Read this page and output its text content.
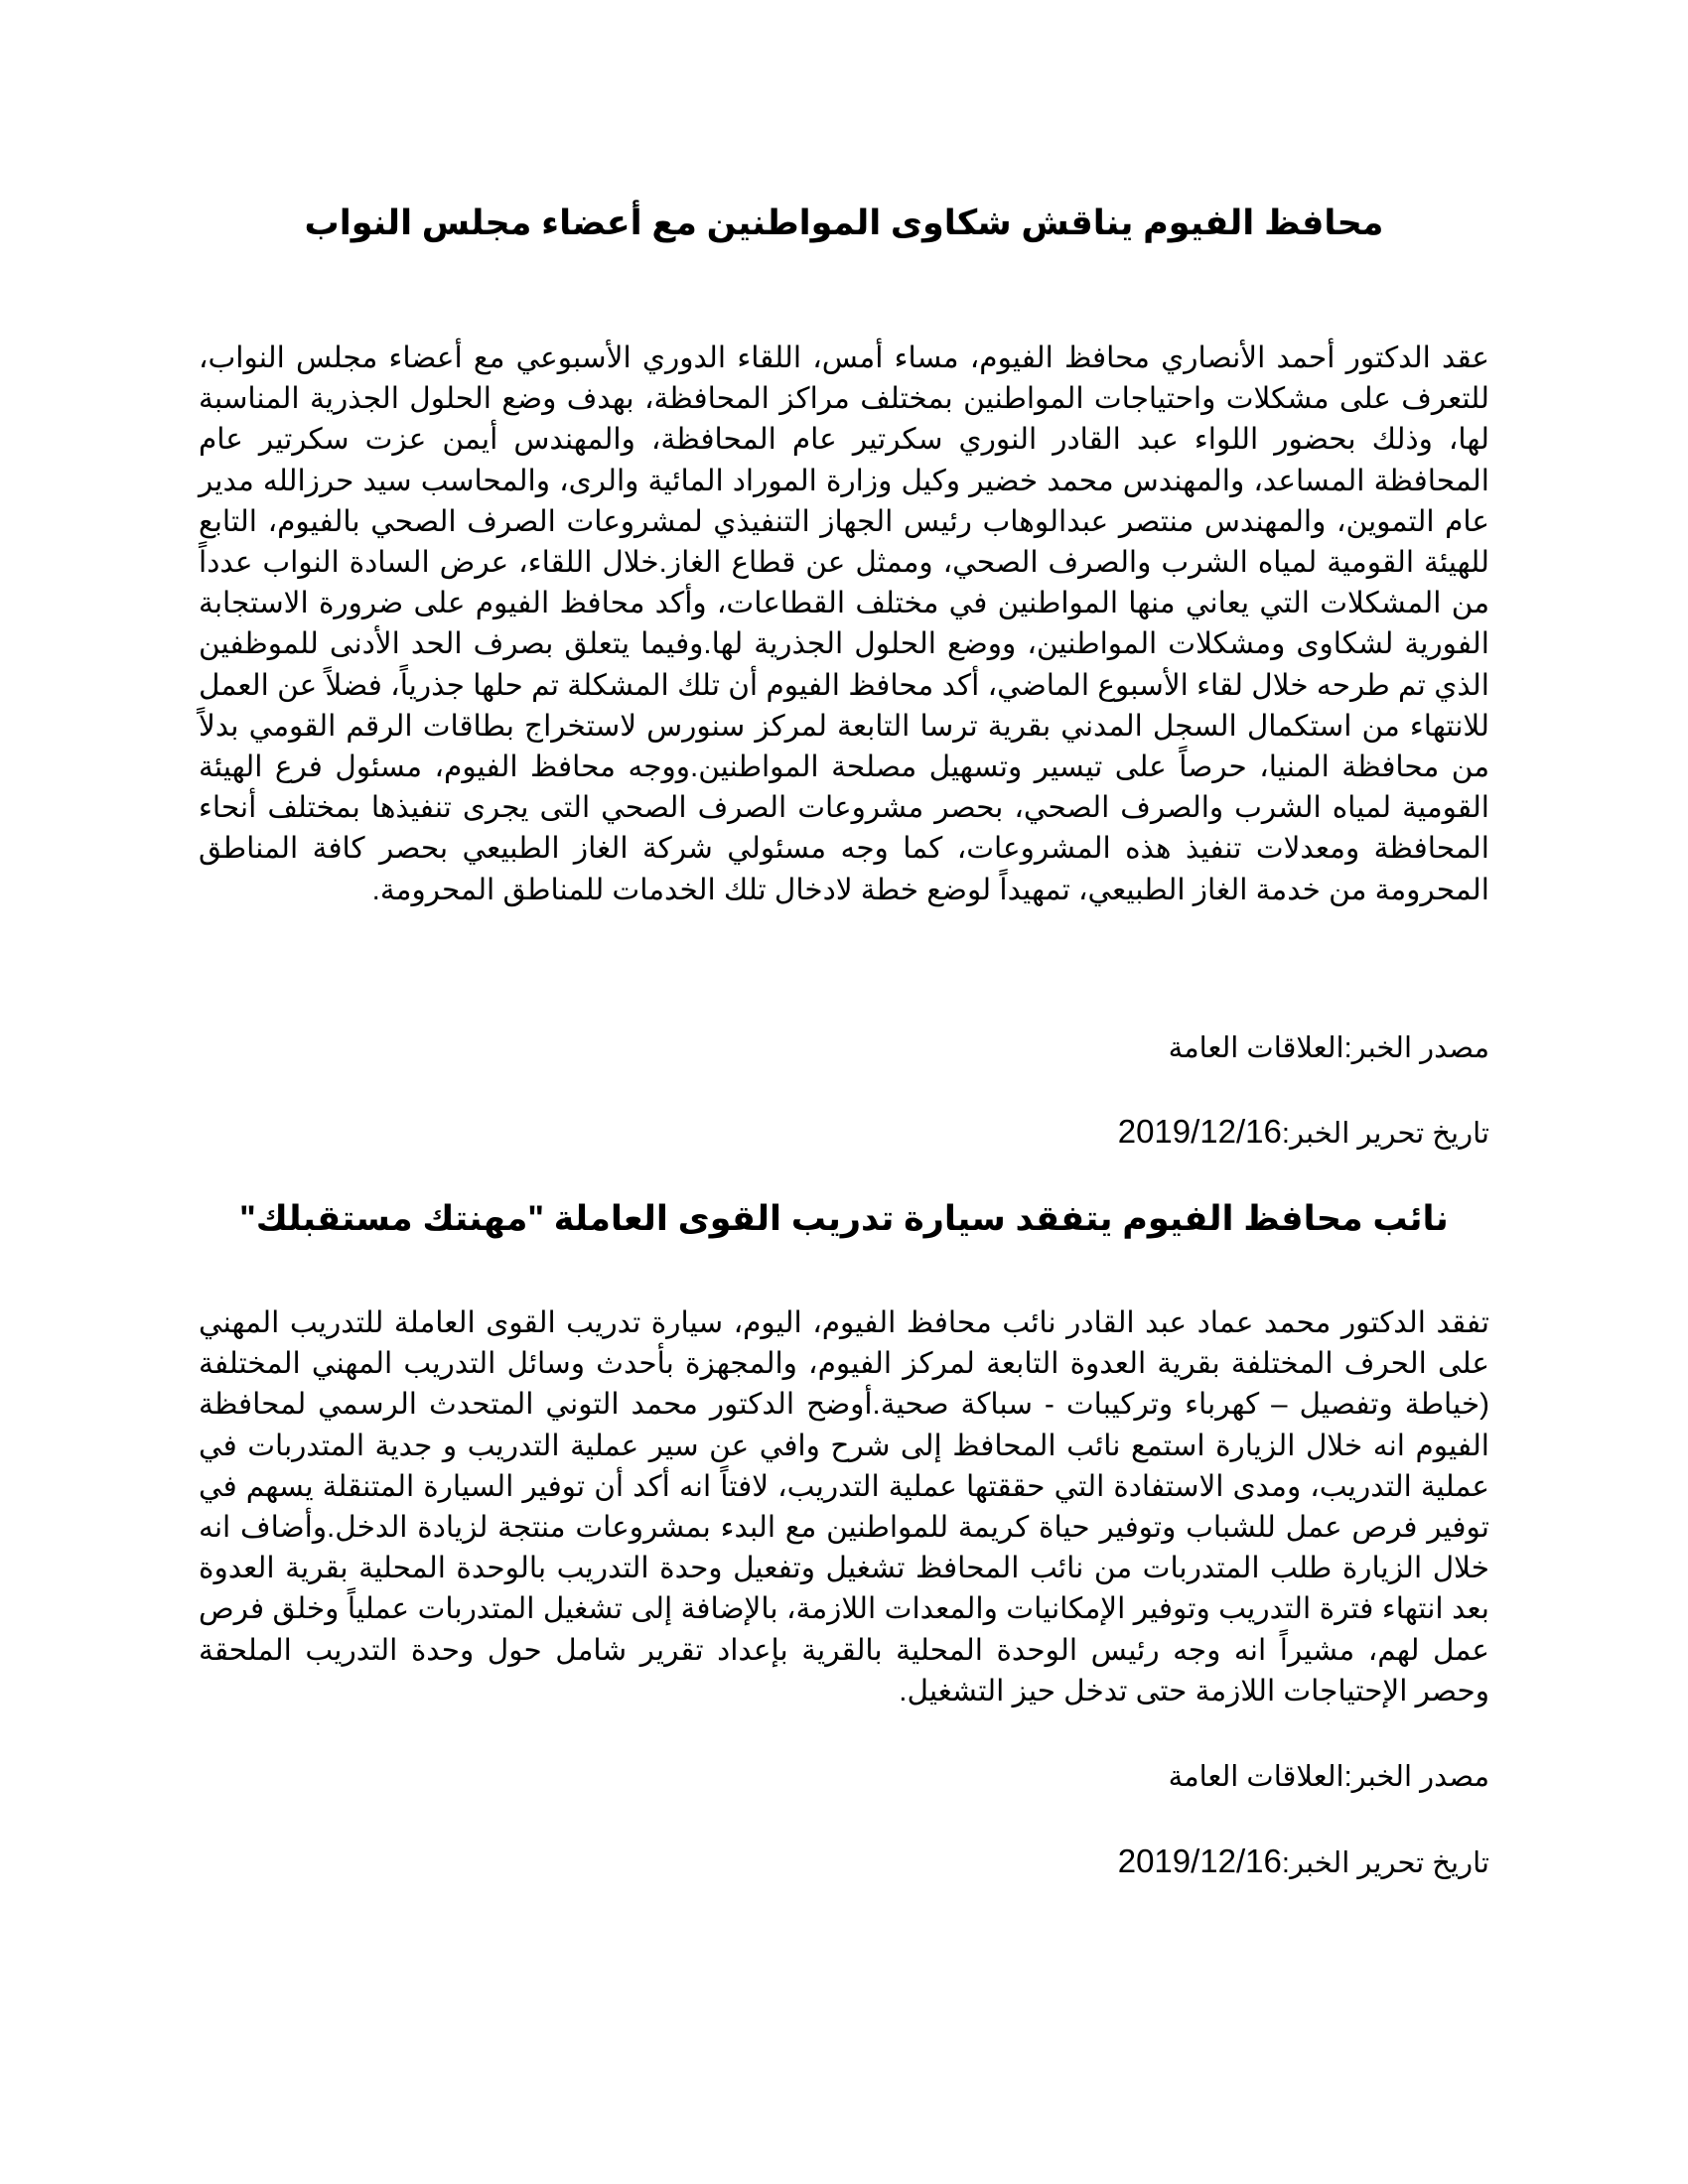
محافظ الفيوم يناقش شكاوى المواطنين مع أعضاء مجلس النواب

عقد الدكتور أحمد الأنصاري محافظ الفيوم، مساء أمس، اللقاء الدوري الأسبوعي مع أعضاء مجلس النواب، للتعرف على مشكلات واحتياجات المواطنين بمختلف مراكز المحافظة، بهدف وضع الحلول الجذرية المناسبة لها، وذلك بحضور اللواء عبد القادر النوري سكرتير عام المحافظة، والمهندس أيمن عزت سكرتير عام المحافظة المساعد، والمهندس محمد خضير وكيل وزارة الموراد المائية والرى، والمحاسب سيد حرزالله مدير عام التموين، والمهندس منتصر عبدالوهاب رئيس الجهاز التنفيذي لمشروعات الصرف الصحي بالفيوم، التابع للهيئة القومية لمياه الشرب والصرف الصحي، وممثل عن قطاع الغاز.خلال اللقاء، عرض السادة النواب عدداً من المشكلات التي يعاني منها المواطنين في مختلف القطاعات، وأكد محافظ الفيوم على ضرورة الاستجابة الفورية لشكاوى ومشكلات المواطنين، ووضع الحلول الجذرية لها.وفيما يتعلق بصرف الحد الأدنى للموظفين الذي تم طرحه خلال لقاء الأسبوع الماضي، أكد محافظ الفيوم أن تلك المشكلة تم حلها جذرياً، فضلاً عن العمل للانتهاء من استكمال السجل المدني بقرية ترسا التابعة لمركز سنورس لاستخراج بطاقات الرقم القومي بدلاً من محافظة المنيا، حرصاً على تيسير وتسهيل مصلحة المواطنين.ووجه محافظ الفيوم، مسئول فرع الهيئة القومية لمياه الشرب والصرف الصحي، بحصر مشروعات الصرف الصحي التى يجرى تنفيذها بمختلف أنحاء المحافظة ومعدلات تنفيذ هذه المشروعات، كما وجه مسئولي شركة الغاز الطبيعي بحصر كافة المناطق المحرومة من خدمة الغاز الطبيعي، تمهيداً لوضع خطة لادخال تلك الخدمات للمناطق المحرومة.

مصدر الخبر:العلاقات العامة

تاريخ تحرير الخبر:2019/12/16

نائب محافظ الفيوم يتفقد سيارة تدريب القوى العاملة "مهنتك مستقبلك"

تفقد الدكتور محمد عماد عبد القادر نائب محافظ الفيوم، اليوم، سيارة تدريب القوى العاملة للتدريب المهني على الحرف المختلفة بقرية العدوة التابعة لمركز الفيوم، والمجهزة بأحدث وسائل التدريب المهني المختلفة (خياطة وتفصيل – كهرباء وتركيبات - سباكة صحية.أوضح الدكتور محمد التوني المتحدث الرسمي لمحافظة الفيوم انه خلال الزيارة استمع نائب المحافظ إلى شرح وافي عن سير عملية التدريب و جدية المتدربات في عملية التدريب، ومدى الاستفادة التي حققتها عملية التدريب، لافتاً انه أكد أن توفير السيارة المتنقلة يسهم في توفير فرص عمل للشباب وتوفير حياة كريمة للمواطنين مع البدء بمشروعات منتجة لزيادة الدخل.وأضاف انه خلال الزيارة طلب المتدربات من نائب المحافظ تشغيل وتفعيل وحدة التدريب بالوحدة المحلية بقرية العدوة بعد انتهاء فترة التدريب وتوفير الإمكانيات والمعدات اللازمة، بالإضافة إلى تشغيل المتدربات عملياً وخلق فرص عمل لهم، مشيراً انه وجه رئيس الوحدة المحلية بالقرية بإعداد تقرير شامل حول وحدة التدريب الملحقة وحصر الإحتياجات اللازمة حتى تدخل حيز التشغيل.

مصدر الخبر:العلاقات العامة

تاريخ تحرير الخبر:2019/12/16
